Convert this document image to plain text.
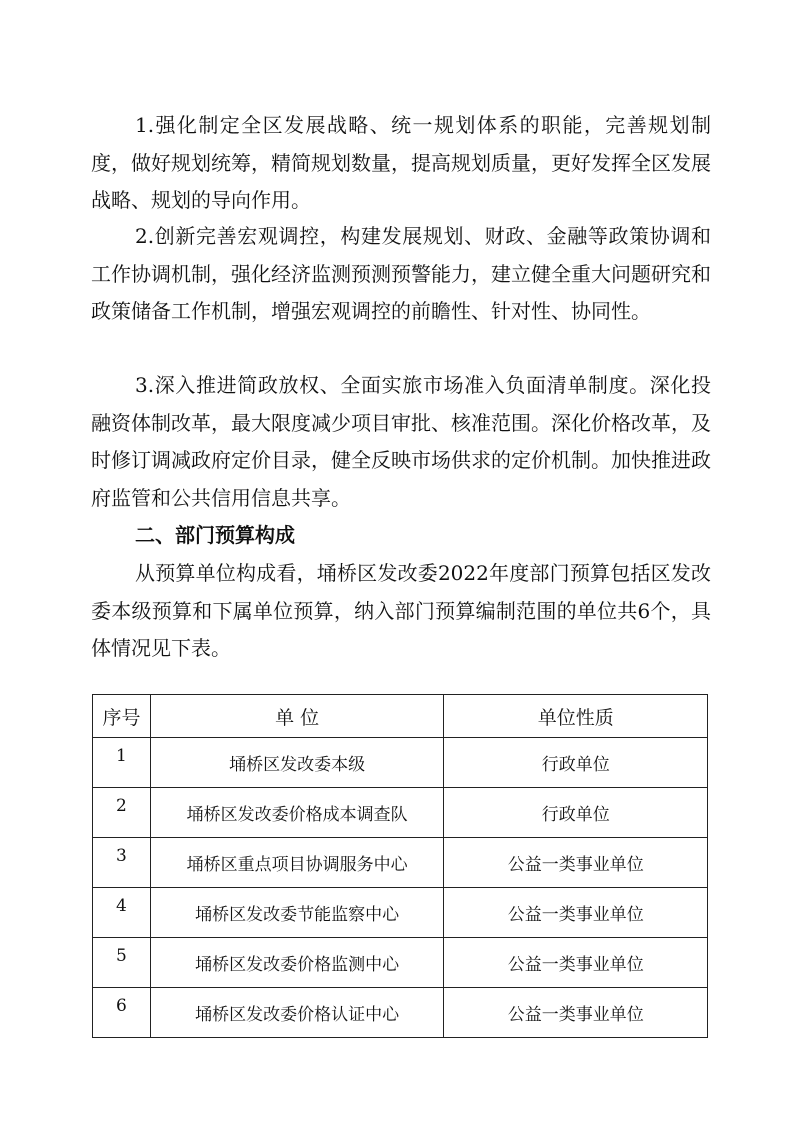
1.强化制定全区发展战略、统一规划体系的职能，完善规划制度，做好规划统筹，精简规划数量，提高规划质量，更好发挥全区发展战略、规划的导向作用。

2.创新完善宏观调控，构建发展规划、财政、金融等政策协调和工作协调机制，强化经济监测预测预警能力，建立健全重大问题研究和政策储备工作机制，增强宏观调控的前瞻性、针对性、协同性。

3.深入推进简政放权、全面实旅市场准入负面清单制度。深化投融资体制改革，最大限度减少项目审批、核准范围。深化价格改革，及时修订调减政府定价目录，健全反映市场供求的定价机制。加快推进政府监管和公共信用信息共享。

二、部门预算构成

从预算单位构成看，埇桥区发改委2022年度部门预算包括区发改委本级预算和下属单位预算，纳入部门预算编制范围的单位共6个，具体情况见下表。

序号	单 位	单位性质
1	埇桥区发改委本级	行政单位
2	埇桥区发改委价格成本调查队	行政单位
3	埇桥区重点项目协调服务中心	公益一类事业单位
4	埇桥区发改委节能监察中心	公益一类事业单位
5	埇桥区发改委价格监测中心	公益一类事业单位
6	埇桥区发改委价格认证中心	公益一类事业单位
